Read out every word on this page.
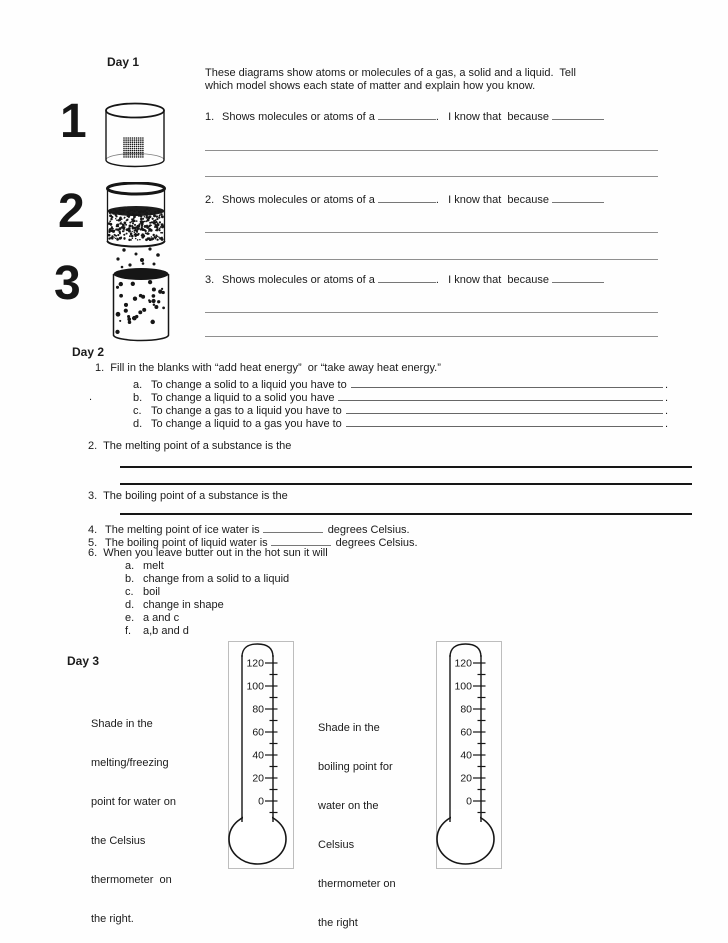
Day 1
These diagrams show atoms or molecules of a gas, a solid and a liquid.  Tell
which model shows each state of matter and explain how you know.
1
2
3
1. Shows molecules or atoms of a	.   I know that  because
2. Shows molecules or atoms of a	.   I know that  because
3. Shows molecules or atoms of a	.   I know that  because
Day 2
1.  Fill in the blanks with “add heat energy”  or “take away heat energy.”
.
a. To change a solid to a liquid you have to	.
b. To change a liquid to a solid you have	.
c. To change a gas to a liquid you have to	.
d. To change a liquid to a gas you have to	.
2.  The melting point of a substance is the
3.  The boiling point of a substance is the
4. The melting point of ice water is	degrees Celsius.
5. The boiling point of liquid water is	degrees Celsius.
6.  When you leave butter out in the hot sun it will
a. melt
b. change from a solid to a liquid
c. boil
d. change in shape
e. a and c
f.	a,b and d
Day 3

Shade in the

melting/freezing

point for water on

the Celsius

thermometer  on

the right.

Shade in the

boiling point for

water on the

Celsius

thermometer on

the right

120
100
80
60
40
20
0
120
100
80
60
40
20
0
